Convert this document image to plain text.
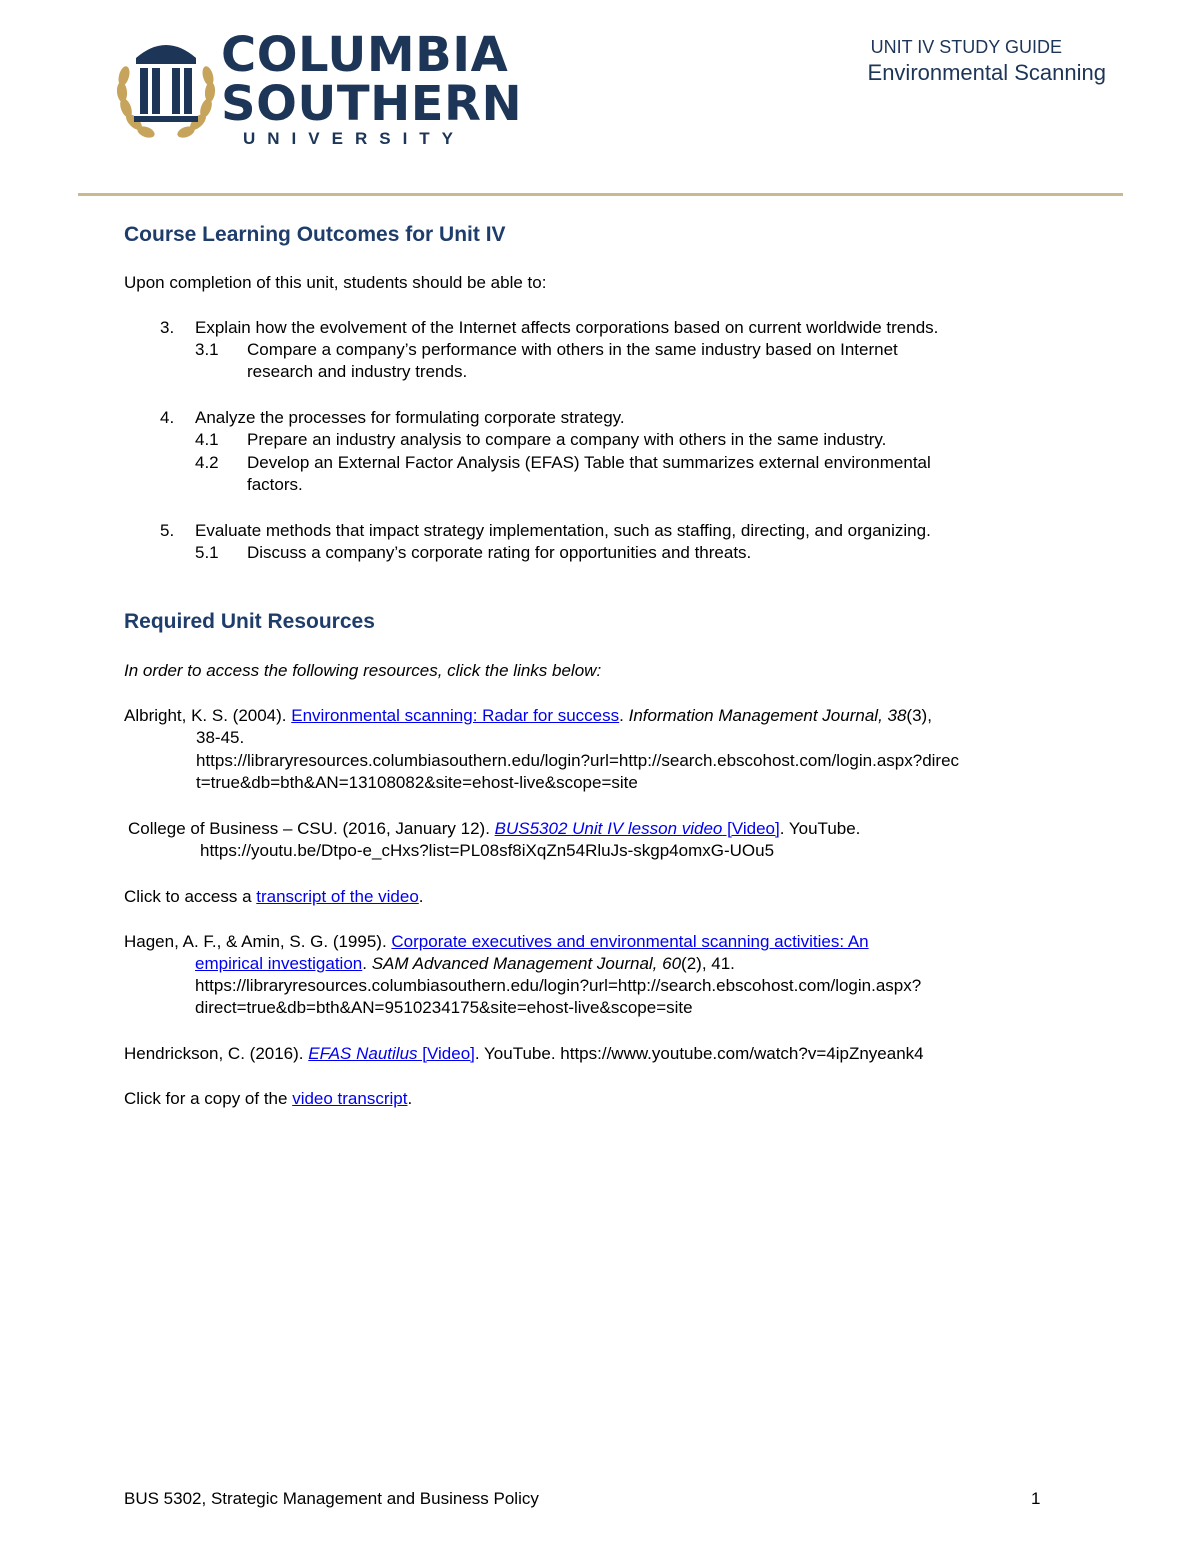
COLUMBIA
SOUTHERN
UNIVERSITY
UNIT IV STUDY GUIDE
Environmental Scanning
Course Learning Outcomes for Unit IV
Upon completion of this unit, students should be able to:
3. Explain how the evolvement of the Internet affects corporations based on current worldwide trends.
3.1 Compare a company’s performance with others in the same industry based on Internet
research and industry trends.
4. Analyze the processes for formulating corporate strategy.
4.1 Prepare an industry analysis to compare a company with others in the same industry.
4.2 Develop an External Factor Analysis (EFAS) Table that summarizes external environmental
factors.
5. Evaluate methods that impact strategy implementation, such as staffing, directing, and organizing.
5.1 Discuss a company’s corporate rating for opportunities and threats.
Required Unit Resources
In order to access the following resources, click the links below:
Albright, K. S. (2004). Environmental scanning: Radar for success. Information Management Journal, 38(3),
38-45.
https://libraryresources.columbiasouthern.edu/login?url=http://search.ebscohost.com/login.aspx?direc
t=true&db=bth&AN=13108082&site=ehost-live&scope=site
College of Business – CSU. (2016, January 12). BUS5302 Unit IV lesson video [Video]. YouTube.
https://youtu.be/Dtpo-e_cHxs?list=PL08sf8iXqZn54RluJs-skgp4omxG-UOu5
Click to access a transcript of the video.
Hagen, A. F., & Amin, S. G. (1995). Corporate executives and environmental scanning activities: An
empirical investigation. SAM Advanced Management Journal, 60(2), 41.
https://libraryresources.columbiasouthern.edu/login?url=http://search.ebscohost.com/login.aspx?
direct=true&db=bth&AN=9510234175&site=ehost-live&scope=site
Hendrickson, C. (2016). EFAS Nautilus [Video]. YouTube. https://www.youtube.com/watch?v=4ipZnyeank4
Click for a copy of the video transcript.
BUS 5302, Strategic Management and Business Policy	1
